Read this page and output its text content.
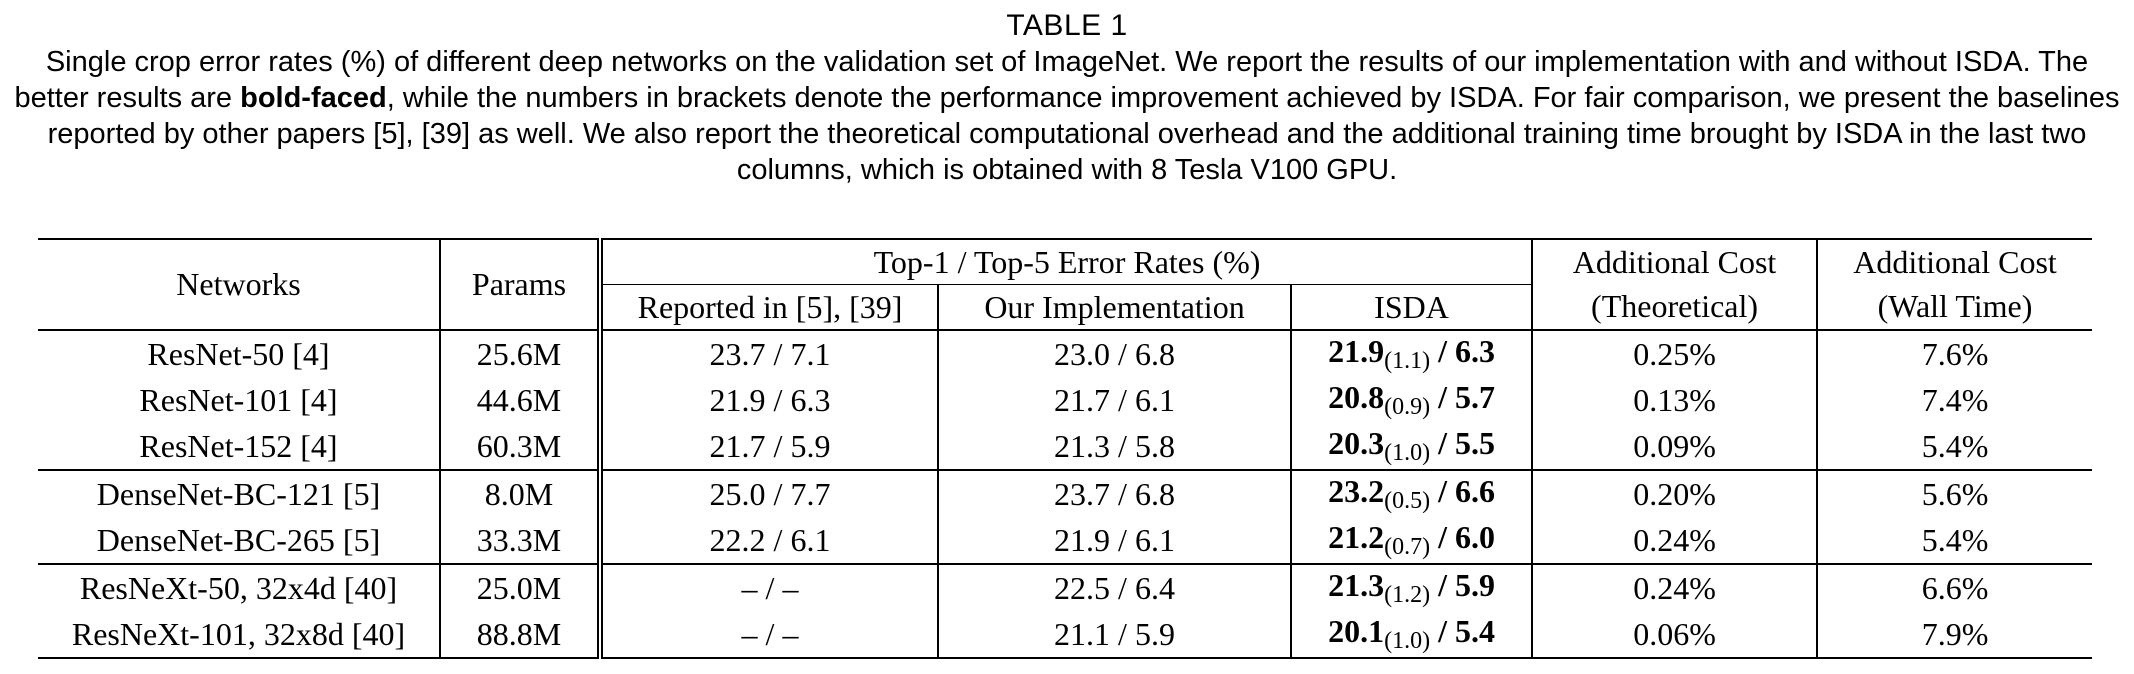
TABLE 1
Single crop error rates (%) of different deep networks on the validation set of ImageNet. We report the results of our implementation with and without ISDA. The better results are bold-faced, while the numbers in brackets denote the performance improvement achieved by ISDA. For fair comparison, we present the baselines reported by other papers [5], [39] as well. We also report the theoretical computational overhead and the additional training time brought by ISDA in the last two columns, which is obtained with 8 Tesla V100 GPU.
Networks	Params	Top-1 / Top-5 Error Rates (%)			Additional Cost	Additional Cost
		Reported in [5], [39]	Our Implementation	ISDA	(Theoretical)	(Wall Time)
ResNet-50 [4]	25.6M	23.7 / 7.1	23.0 / 6.8	21.9(1.1) / 6.3	0.25%	7.6%
ResNet-101 [4]	44.6M	21.9 / 6.3	21.7 / 6.1	20.8(0.9) / 5.7	0.13%	7.4%
ResNet-152 [4]	60.3M	21.7 / 5.9	21.3 / 5.8	20.3(1.0) / 5.5	0.09%	5.4%
DenseNet-BC-121 [5]	8.0M	25.0 / 7.7	23.7 / 6.8	23.2(0.5) / 6.6	0.20%	5.6%
DenseNet-BC-265 [5]	33.3M	22.2 / 6.1	21.9 / 6.1	21.2(0.7) / 6.0	0.24%	5.4%
ResNeXt-50, 32x4d [40]	25.0M	– / –	22.5 / 6.4	21.3(1.2) / 5.9	0.24%	6.6%
ResNeXt-101, 32x8d [40]	88.8M	– / –	21.1 / 5.9	20.1(1.0) / 5.4	0.06%	7.9%
